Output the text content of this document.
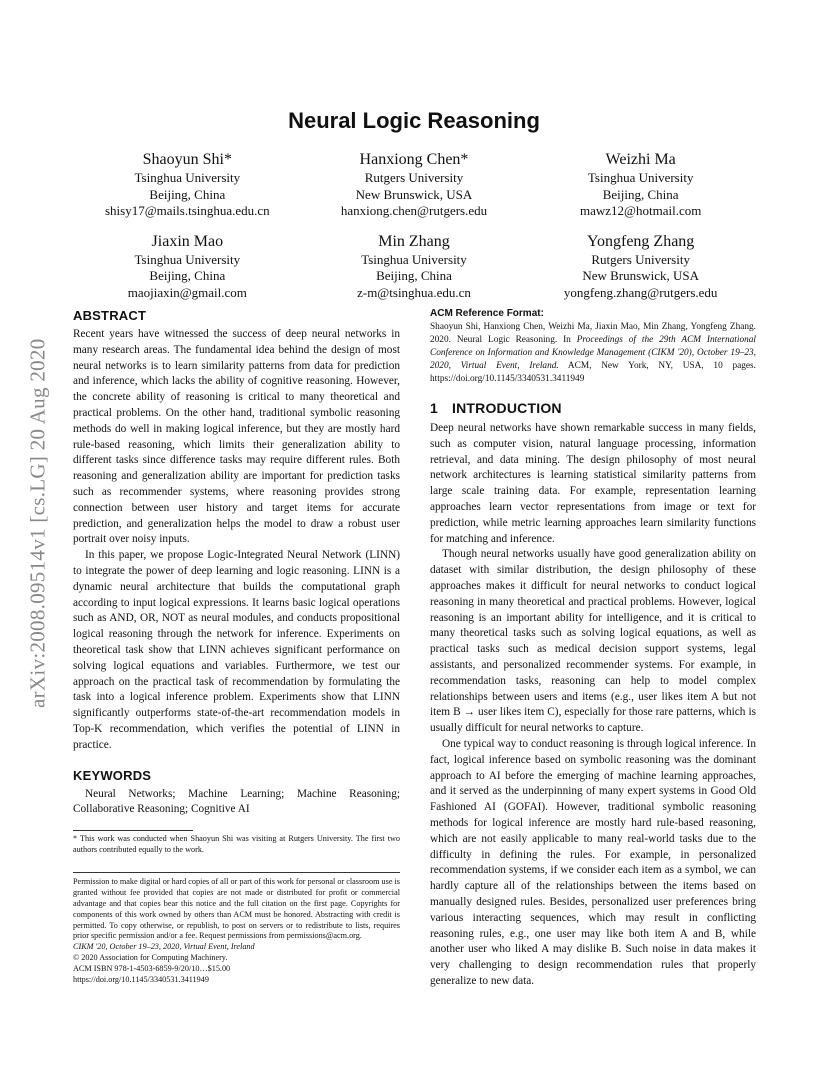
arXiv:2008.09514v1 [cs.LG] 20 Aug 2020
Neural Logic Reasoning
Shaoyun Shi*
Tsinghua University
Beijing, China
shisy17@mails.tsinghua.edu.cn
Hanxiong Chen*
Rutgers University
New Brunswick, USA
hanxiong.chen@rutgers.edu
Weizhi Ma
Tsinghua University
Beijing, China
mawz12@hotmail.com
Jiaxin Mao
Tsinghua University
Beijing, China
maojiaxin@gmail.com
Min Zhang
Tsinghua University
Beijing, China
z-m@tsinghua.edu.cn
Yongfeng Zhang
Rutgers University
New Brunswick, USA
yongfeng.zhang@rutgers.edu
ABSTRACT

Recent years have witnessed the success of deep neural networks in many research areas. The fundamental idea behind the design of most neural networks is to learn similarity patterns from data for prediction and inference, which lacks the ability of cognitive reasoning. However, the concrete ability of reasoning is critical to many theoretical and practical problems. On the other hand, traditional symbolic reasoning methods do well in making logical inference, but they are mostly hard rule-based reasoning, which limits their generalization ability to different tasks since difference tasks may require different rules. Both reasoning and generalization ability are important for prediction tasks such as recommender systems, where reasoning provides strong connection between user history and target items for accurate prediction, and generalization helps the model to draw a robust user portrait over noisy inputs.

In this paper, we propose Logic-Integrated Neural Network (LINN) to integrate the power of deep learning and logic reasoning. LINN is a dynamic neural architecture that builds the computational graph according to input logical expressions. It learns basic logical operations such as AND, OR, NOT as neural modules, and conducts propositional logical reasoning through the network for inference. Experiments on theoretical task show that LINN achieves significant performance on solving logical equations and variables. Furthermore, we test our approach on the practical task of recommendation by formulating the task into a logical inference problem. Experiments show that LINN significantly outperforms state-of-the-art recommendation models in Top-K recommendation, which verifies the potential of LINN in practice.

KEYWORDS

Neural Networks; Machine Learning; Machine Reasoning; Collaborative Reasoning; Cognitive AI

* This work was conducted when Shaoyun Shi was visiting at Rutgers University. The first two authors contributed equally to the work.

Permission to make digital or hard copies of all or part of this work for personal or classroom use is granted without fee provided that copies are not made or distributed for profit or commercial advantage and that copies bear this notice and the full citation on the first page. Copyrights for components of this work owned by others than ACM must be honored. Abstracting with credit is permitted. To copy otherwise, or republish, to post on servers or to redistribute to lists, requires prior specific permission and/or a fee. Request permissions from permissions@acm.org.

CIKM '20, October 19–23, 2020, Virtual Event, Ireland

© 2020 Association for Computing Machinery.

ACM ISBN 978-1-4503-6859-9/20/10…$15.00

https://doi.org/10.1145/3340531.3411949

ACM Reference Format:

Shaoyun Shi, Hanxiong Chen, Weizhi Ma, Jiaxin Mao, Min Zhang, Yongfeng Zhang. 2020. Neural Logic Reasoning. In Proceedings of the 29th ACM International Conference on Information and Knowledge Management (CIKM '20), October 19–23, 2020, Virtual Event, Ireland. ACM, New York, NY, USA, 10 pages. https://doi.org/10.1145/3340531.3411949

1 INTRODUCTION

Deep neural networks have shown remarkable success in many fields, such as computer vision, natural language processing, information retrieval, and data mining. The design philosophy of most neural network architectures is learning statistical similarity patterns from large scale training data. For example, representation learning approaches learn vector representations from image or text for prediction, while metric learning approaches learn similarity functions for matching and inference.

Though neural networks usually have good generalization ability on dataset with similar distribution, the design philosophy of these approaches makes it difficult for neural networks to conduct logical reasoning in many theoretical and practical problems. However, logical reasoning is an important ability for intelligence, and it is critical to many theoretical tasks such as solving logical equations, as well as practical tasks such as medical decision support systems, legal assistants, and personalized recommender systems. For example, in recommendation tasks, reasoning can help to model complex relationships between users and items (e.g., user likes item A but not item B → user likes item C), especially for those rare patterns, which is usually difficult for neural networks to capture.

One typical way to conduct reasoning is through logical inference. In fact, logical inference based on symbolic reasoning was the dominant approach to AI before the emerging of machine learning approaches, and it served as the underpinning of many expert systems in Good Old Fashioned AI (GOFAI). However, traditional symbolic reasoning methods for logical inference are mostly hard rule-based reasoning, which are not easily applicable to many real-world tasks due to the difficulty in defining the rules. For example, in personalized recommendation systems, if we consider each item as a symbol, we can hardly capture all of the relationships between the items based on manually designed rules. Besides, personalized user preferences bring various interacting sequences, which may result in conflicting reasoning rules, e.g., one user may like both item A and B, while another user who liked A may dislike B. Such noise in data makes it very challenging to design recommendation rules that properly generalize to new data.
